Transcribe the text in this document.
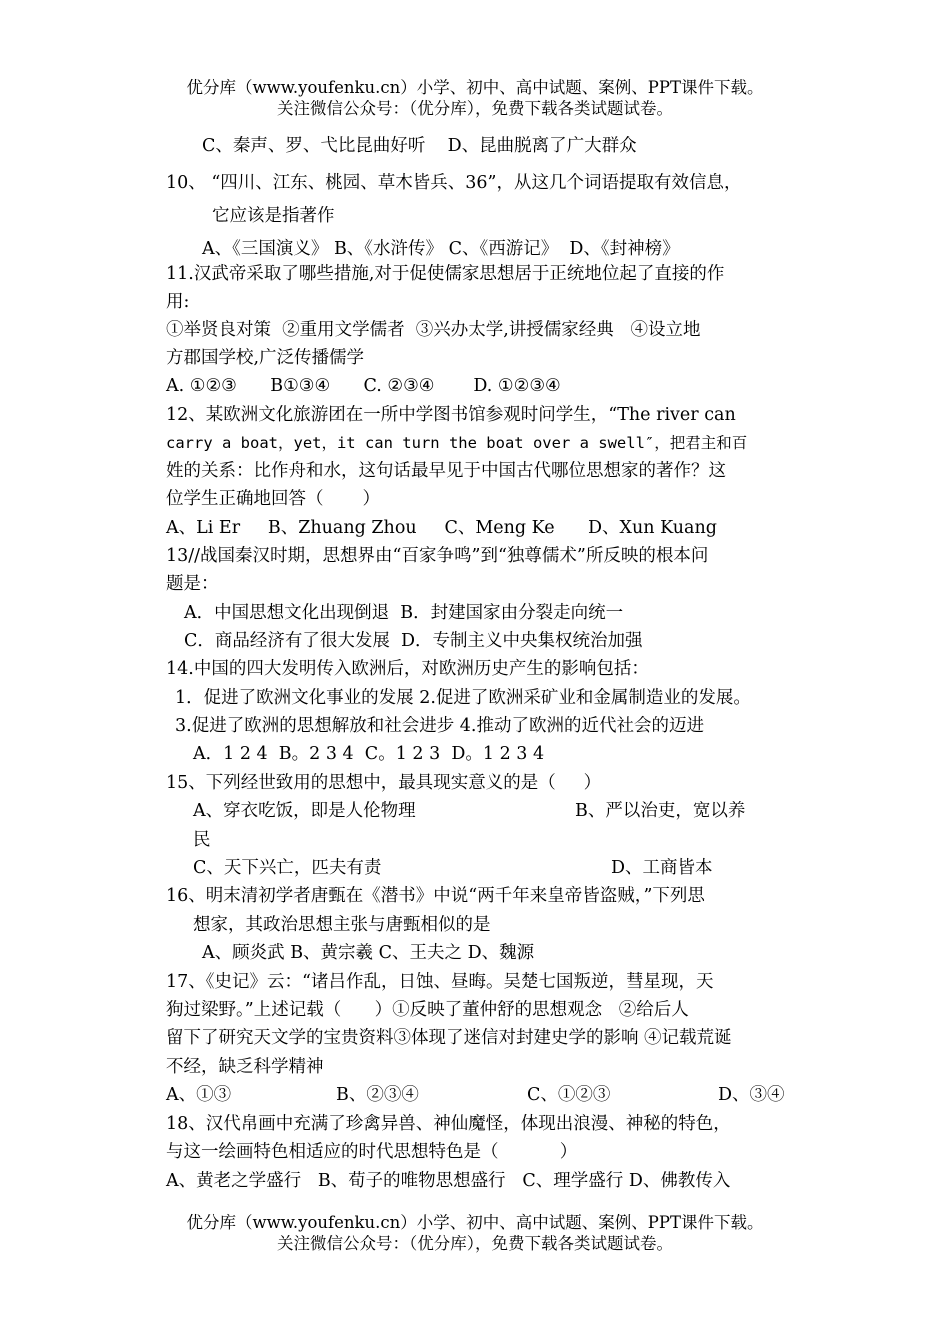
优分库（www.youfenku.cn）小学、初中、高中试题、案例、PPT课件下载。
关注微信公众号：（优分库），免费下载各类试题试卷。
C、秦声、罗、弋比昆曲好听    D、昆曲脱离了广大群众
10、 “四川、江东、桃园、草木皆兵、36”，从这几个词语提取有效信息，
它应该是指著作
A、《三国演义》 B、《水浒传》 C、《西游记》  D、《封神榜》
11.汉武帝采取了哪些措施,对于促使儒家思想居于正统地位起了直接的作
用:
①举贤良对策  ②重用文学儒者  ③兴办太学,讲授儒家经典   ④设立地
方郡国学校,广泛传播儒学
A. ①②③      B①③④      C. ②③④       D. ①②③④
12、某欧洲文化旅游团在一所中学图书馆参观时问学生，“The river can
carry a boat，yet，it can turn the boat over a swell″，把君主和百
姓的关系：比作舟和水，这句话最早见于中国古代哪位思想家的著作？这
位学生正确地回答（       ）
A、Li Er     B、Zhuang Zhou     C、Meng Ke      D、Xun Kuang
13//战国秦汉时期，思想界由“百家争鸣”到“独尊儒术”所反映的根本问
题是：
A．中国思想文化出现倒退  B．封建国家由分裂走向统一
C．商品经济有了很大发展  D．专制主义中央集权统治加强
14.中国的四大发明传入欧洲后，对欧洲历史产生的影响包括：
1．促进了欧洲文化事业的发展 2.促进了欧洲采矿业和金属制造业的发展。
3.促进了欧洲的思想解放和社会进步 4.推动了欧洲的近代社会的迈进
A．1 2 4  B。2 3 4  C。1 2 3  D。1 2 3 4
15、下列经世致用的思想中，最具现实意义的是（     ）
A、穿衣吃饭，即是人伦物理	B、严以治吏，宽以养
民
C、天下兴亡，匹夫有责	D、工商皆本
16、明末清初学者唐甄在《潜书》中说“两千年来皇帝皆盗贼，”下列思
想家，其政治思想主张与唐甄相似的是
A、顾炎武 B、黄宗羲 C、王夫之 D、魏源
17、《史记》云：“诸吕作乱，日蚀、昼晦。吴楚七国叛逆，彗星现，天
狗过梁野。”上述记载（      ）①反映了董仲舒的思想观念   ②给后人
留下了研究天文学的宝贵资料③体现了迷信对封建史学的影响 ④记载荒诞
不经，缺乏科学精神
A、①③	B、②③④	C、①②③	D、③④
18、汉代帛画中充满了珍禽异兽、神仙魔怪，体现出浪漫、神秘的特色，
与这一绘画特色相适应的时代思想特色是（           ）
A、黄老之学盛行   B、荀子的唯物思想盛行   C、理学盛行 D、佛教传入
优分库（www.youfenku.cn）小学、初中、高中试题、案例、PPT课件下载。
关注微信公众号：（优分库），免费下载各类试题试卷。
